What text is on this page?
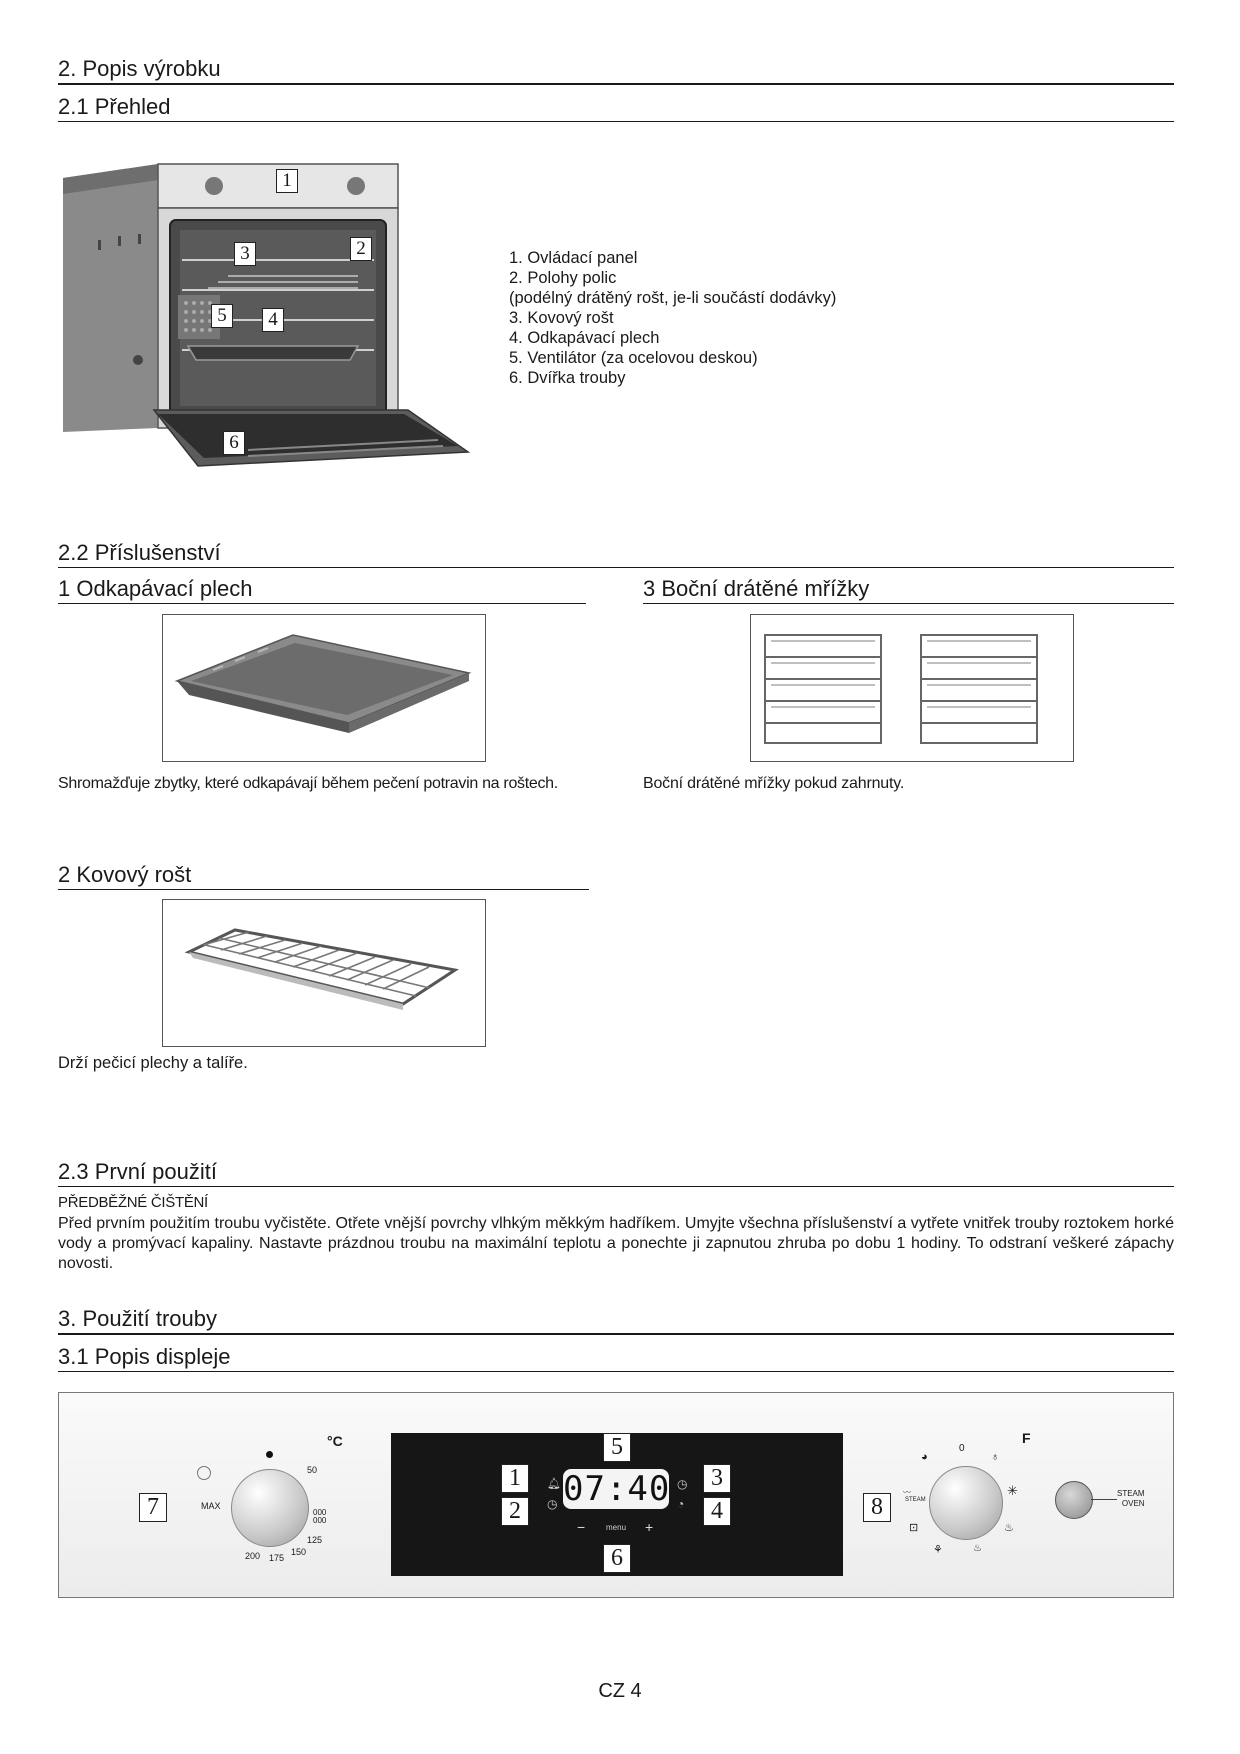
2. Popis výrobku
2.1 Přehled
1
2
3
4
5
6
1. Ovládací panel
2. Polohy polic
(podélný drátěný rošt, je-li součástí dodávky)
3. Kovový rošt
4. Odkapávací plech
5. Ventilátor (za ocelovou deskou)
6. Dvířka trouby
2.2 Příslušenství
1 Odkapávací plech
Shromažďuje zbytky, které odkapávají během pečení potravin na roštech.
3 Boční drátěné mřížky
Boční drátěné mřížky pokud zahrnuty.
2 Kovový rošt
Drží pečicí plechy a talíře.
2.3 První použití
PŘEDBĚŽNÉ ČIŠTĚNÍ
Před prvním použitím troubu vyčistěte. Otřete vnější povrchy vlhkým měkkým hadříkem. Umyjte všechna příslušenství a vytřete vnitřek trouby roztokem horké vody a promývací kapaliny. Nastavte prázdnou troubu na maximální teplotu a ponechte ji zapnutou zhruba po dobu 1 hodiny. To odstraní veškeré zápachy novosti.
3. Použití trouby
3.1 Popis displeje
7
°C
MAX
50
000
000
125
150
175
200
5
1
2
3
4
6
🔔︎
◷
◷
◔
07:40
−	menu +
8
F
0
◕	♁
✳
〰
STEAM
⊡
⚘	♨
♨
STEAM
OVEN
CZ 4
